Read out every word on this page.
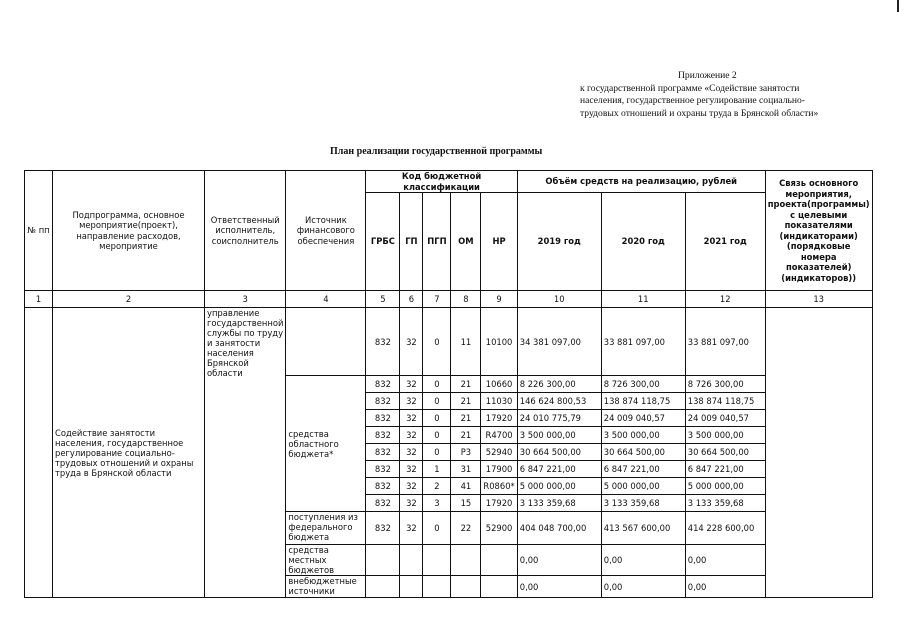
Приложение 2
к государственной программе «Содействие занятости
населения, государственное регулирование социально-
трудовых отношений и охраны труда в Брянской области»
План реализации государственной программы
№ пп	Подпрограмма, основное мероприятие(проект), направление расходов, мероприятие	Ответственный исполнитель, соисполнитель	Источник финансового обеспечения	Код бюджетной классификации					Объём средств на реализацию, рублей			Связь основного мероприятия, проекта(программы) с целевыми показателями (индикаторами) (порядковые номера показателей) (индикаторов))
				ГРБС	ГП	ПГП	ОМ	НР	2019 год	2020 год	2021 год	
1	2	3	4	5	6	7	8	9	10	11	12	13
	Содействие занятости населения, государственное регулирование социально-трудовых отношений и охраны труда в Брянской области	управление государственной службы по труду и занятости населения Брянской области		832	32	0	11	10100	34 381 097,00	33 881 097,00	33 881 097,00	
			средства областного бюджета*	832	32	0	21	10660	8 226 300,00	8 726 300,00	8 726 300,00	
				832	32	0	21	11030	146 624 800,53	138 874 118,75	138 874 118,75	
				832	32	0	21	17920	24 010 775,79	24 009 040,57	24 009 040,57	
				832	32	0	21	R4700	3 500 000,00	3 500 000,00	3 500 000,00	
				832	32	0	P3	52940	30 664 500,00	30 664 500,00	30 664 500,00	
				832	32	1	31	17900	6 847 221,00	6 847 221,00	6 847 221,00	
				832	32	2	41	R0860*	5 000 000,00	5 000 000,00	5 000 000,00	
				832	32	3	15	17920	3 133 359,68	3 133 359,68	3 133 359,68	
			поступления из федерального бюджета	832	32	0	22	52900	404 048 700,00	413 567 600,00	414 228 600,00	
			средства местных бюджетов						0,00	0,00	0,00	
			внебюджетные источники						0,00	0,00	0,00	
